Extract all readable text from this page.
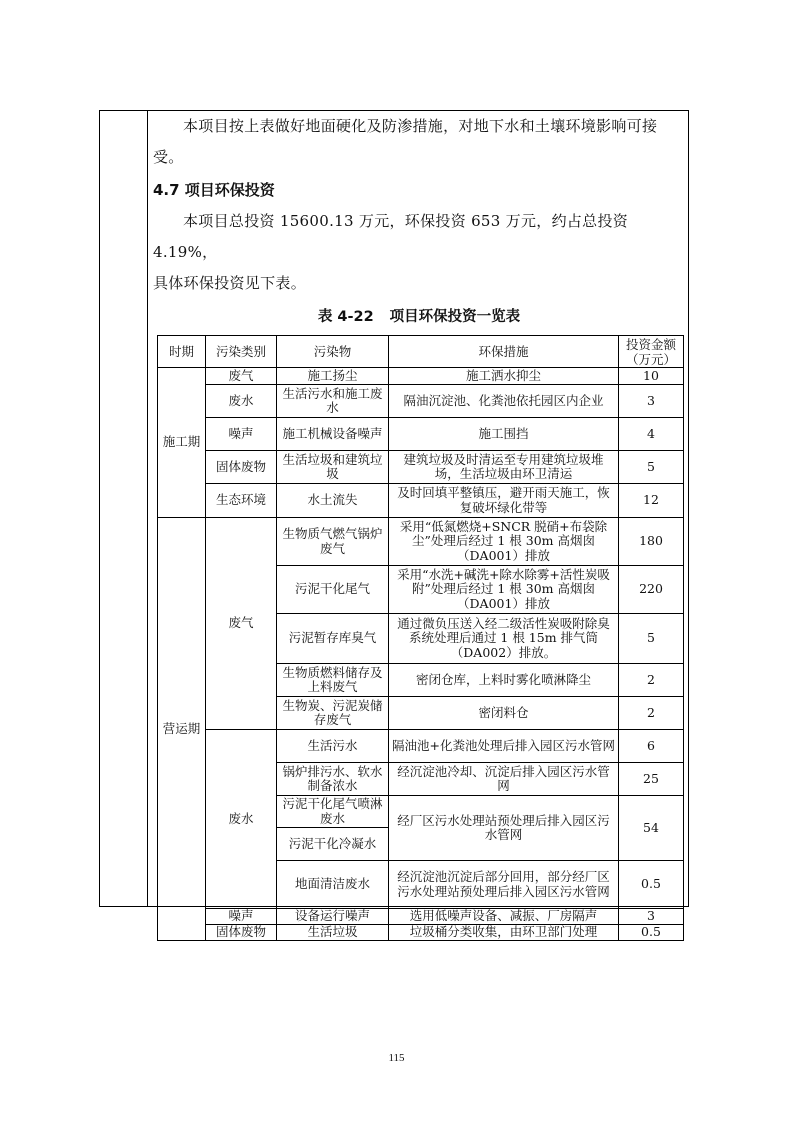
本项目按上表做好地面硬化及防渗措施，对地下水和土壤环境影响可接

受。

4.7 项目环保投资

本项目总投资 15600.13 万元，环保投资 653 万元，约占总投资 4.19%，

具体环保投资见下表。

表 4-22 项目环保投资一览表
时期	污染类别	污染物	环保措施	投资金额（万元）
施工期	废气	施工扬尘	施工洒水抑尘	10
	废水	生活污水和施工废水	隔油沉淀池、化粪池依托园区内企业	3
	噪声	施工机械设备噪声	施工围挡	4
	固体废物	生活垃圾和建筑垃圾	建筑垃圾及时清运至专用建筑垃圾堆场，生活垃圾由环卫清运	5
	生态环境	水土流失	及时回填平整镇压，避开雨天施工，恢复破坏绿化带等	12
营运期	废气	生物质气燃气锅炉废气	采用“低氮燃烧+SNCR 脱硝+布袋除尘”处理后经过 1 根 30m 高烟囱（DA001）排放	180
		污泥干化尾气	采用“水洗+碱洗+除水除雾+活性炭吸附”处理后经过 1 根 30m 高烟囱（DA001）排放	220
		污泥暂存库臭气	通过微负压送入经二级活性炭吸附除臭系统处理后通过 1 根 15m 排气筒（DA002）排放。	5
		生物质燃料储存及上料废气	密闭仓库，上料时雾化喷淋降尘	2
		生物炭、污泥炭储存废气	密闭料仓	2
	废水	生活污水	隔油池+化粪池处理后排入园区污水管网	6
		锅炉排污水、软水制备浓水	经沉淀池冷却、沉淀后排入园区污水管网	25
		污泥干化尾气喷淋废水	经厂区污水处理站预处理后排入园区污水管网	54
		污泥干化冷凝水		
		地面清洁废水	经沉淀池沉淀后部分回用，部分经厂区污水处理站预处理后排入园区污水管网	0.5

	噪声	设备运行噪声	选用低噪声设备、减振、厂房隔声	3
	固体废物	生活垃圾	垃圾桶分类收集，由环卫部门处理	0.5
115
